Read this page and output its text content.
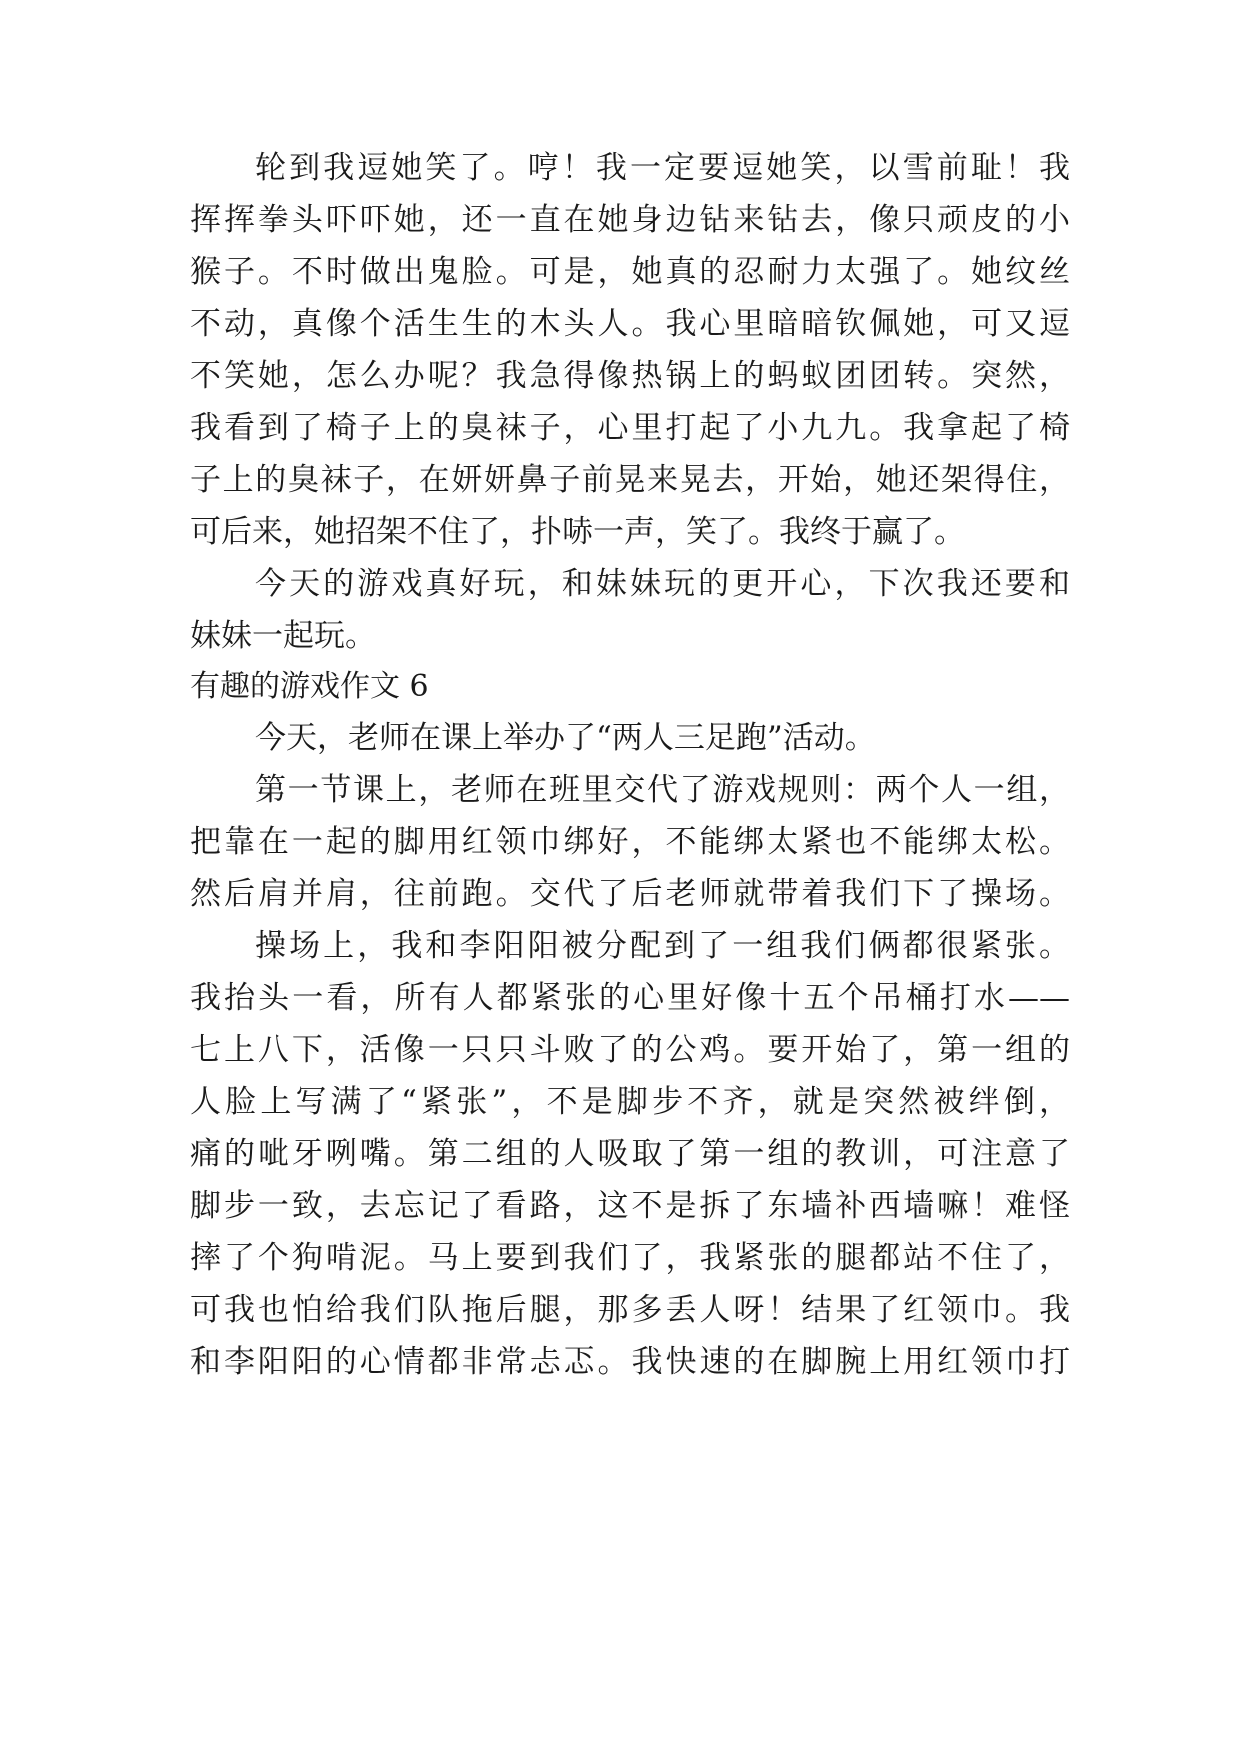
轮到我逗她笑了。哼！我一定要逗她笑，以雪前耻！我
挥挥拳头吓吓她，还一直在她身边钻来钻去，像只顽皮的小
猴子。不时做出鬼脸。可是，她真的忍耐力太强了。她纹丝
不动，真像个活生生的木头人。我心里暗暗钦佩她，可又逗
不笑她，怎么办呢？我急得像热锅上的蚂蚁团团转。突然，
我看到了椅子上的臭袜子，心里打起了小九九。我拿起了椅
子上的臭袜子，在妍妍鼻子前晃来晃去，开始，她还架得住，
可后来，她招架不住了，扑哧一声，笑了。我终于赢了。
今天的游戏真好玩，和妹妹玩的更开心，下次我还要和
妹妹一起玩。
有趣的游戏作文 6
今天，老师在课上举办了“两人三足跑”活动。
第一节课上，老师在班里交代了游戏规则：两个人一组，
把靠在一起的脚用红领巾绑好，不能绑太紧也不能绑太松。
然后肩并肩，往前跑。交代了后老师就带着我们下了操场。
操场上，我和李阳阳被分配到了一组我们俩都很紧张。
我抬头一看，所有人都紧张的心里好像十五个吊桶打水——
七上八下，活像一只只斗败了的公鸡。要开始了，第一组的
人脸上写满了“紧张”，不是脚步不齐，就是突然被绊倒，
痛的呲牙咧嘴。第二组的人吸取了第一组的教训，可注意了
脚步一致，去忘记了看路，这不是拆了东墙补西墙嘛！难怪
摔了个狗啃泥。马上要到我们了，我紧张的腿都站不住了，
可我也怕给我们队拖后腿，那多丢人呀！结果了红领巾。我
和李阳阳的心情都非常忐忑。我快速的在脚腕上用红领巾打
